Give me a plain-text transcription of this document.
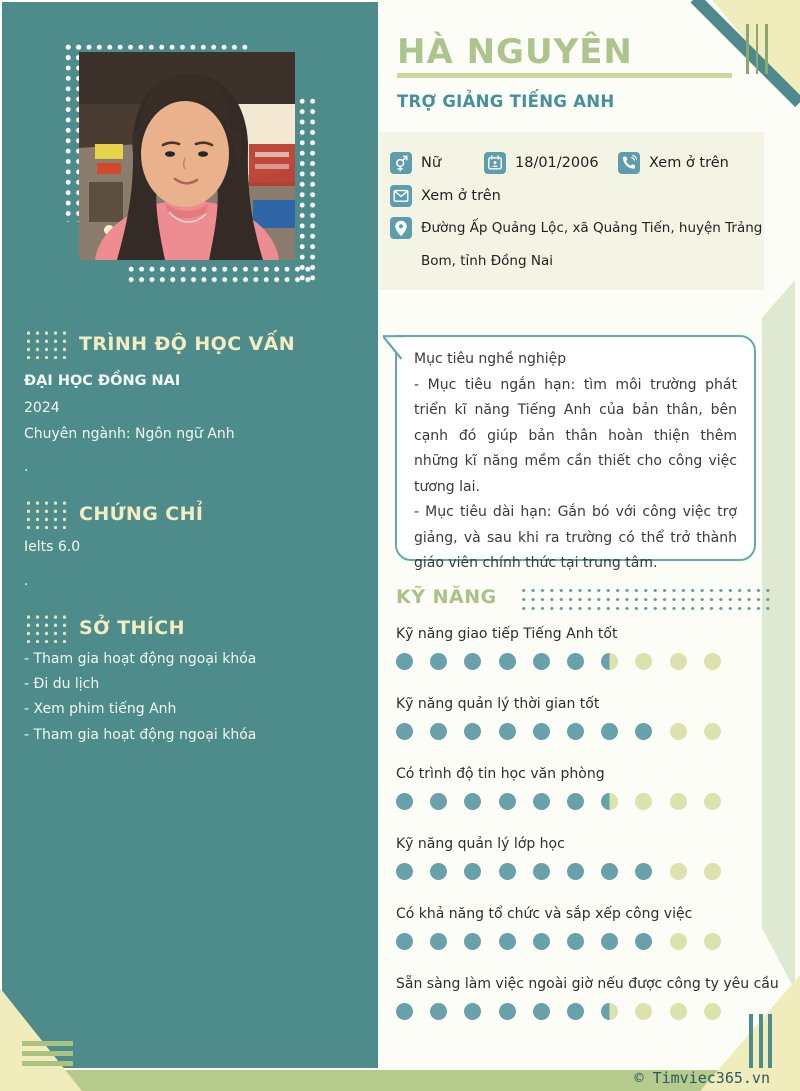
TRÌNH ĐỘ HỌC VẤN
ĐẠI HỌC ĐỒNG NAI
2024
Chuyên ngành: Ngôn ngữ Anh
.
CHỨNG CHỈ
Ielts 6.0
.
SỞ THÍCH
- Tham gia hoạt động ngoại khóa
- Đi du lịch
- Xem phim tiếng Anh
- Tham gia hoạt động ngoại khóa
HÀ NGUYÊN
TRỢ GIẢNG TIẾNG ANH
Nữ	18/01/2006	Xem ở trên
Xem ở trên
Đường Ấp Quảng Lộc, xã Quảng Tiến, huyện Trảng Bom, tỉnh Đồng Nai
Mục tiêu nghề nghiệp
- Mục tiêu ngắn hạn: tìm môi trường phát triển kĩ năng Tiếng Anh của bản thân, bên cạnh đó giúp bản thân hoàn thiện thêm những kĩ năng mềm cần thiết cho công việc tương lai.
- Mục tiêu dài hạn: Gắn bó với công việc trợ giảng, và sau khi ra trường có thể trở thành giáo viên chính thức tại trung tâm.
KỸ NĂNG
Kỹ năng giao tiếp Tiếng Anh tốt
Kỹ năng quản lý thời gian tốt
Có trình độ tin học văn phòng
Kỹ năng quản lý lớp học
Có khả năng tổ chức và sắp xếp công việc
Sẵn sàng làm việc ngoài giờ nếu được công ty yêu cầu
© Timviec365.vn
